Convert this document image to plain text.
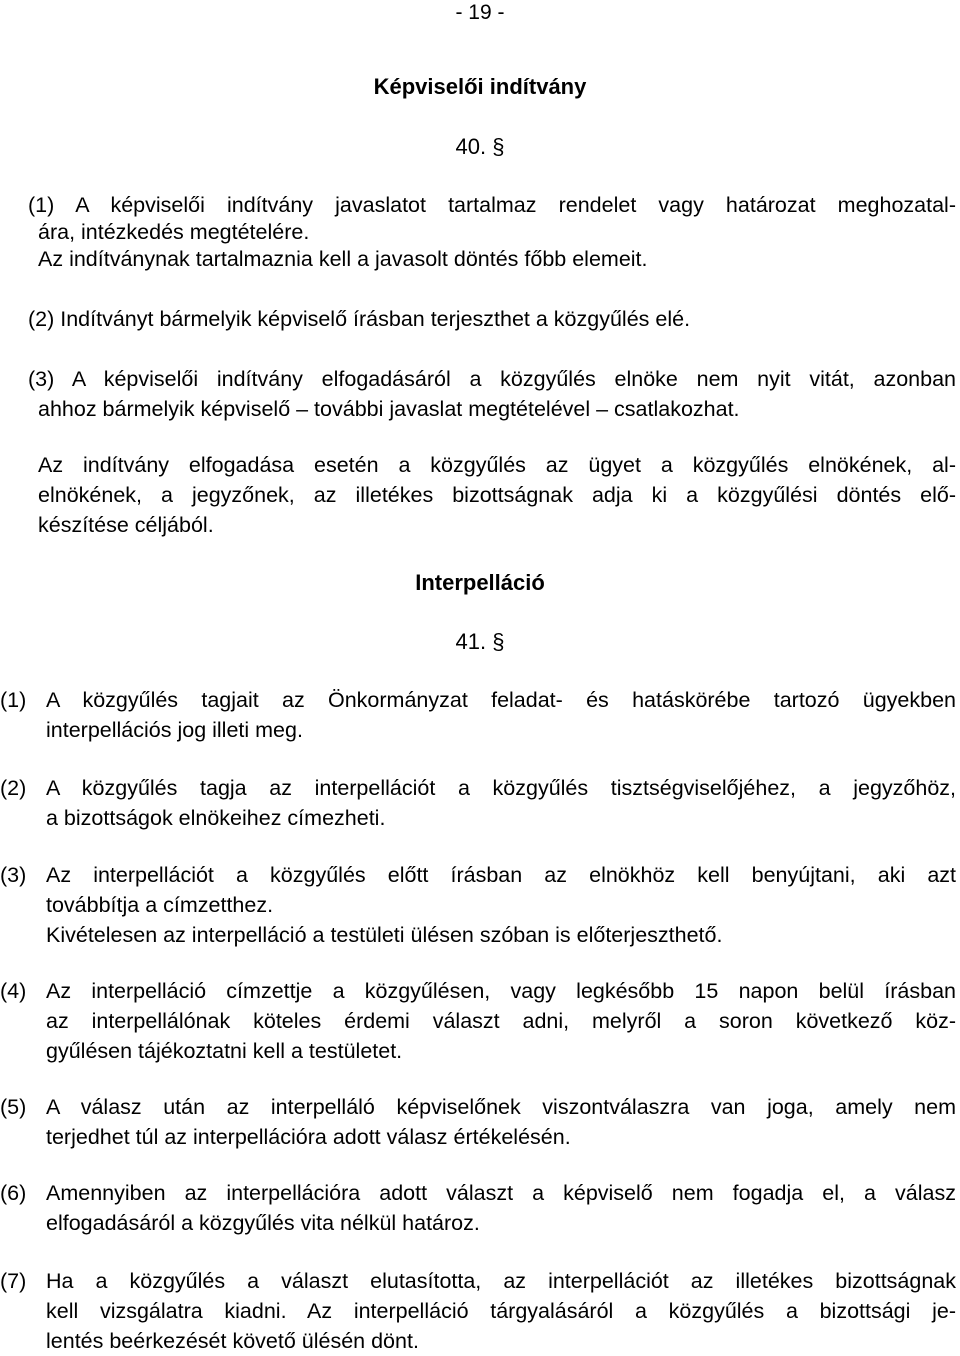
- 19 -
Képviselői indítvány
40. §
(1) A képviselői indítvány javaslatot tartalmaz rendelet vagy határozat meghozatal-
ára, intézkedés megtételére.
Az indítványnak tartalmaznia kell a javasolt döntés főbb elemeit.
(2) Indítványt bármelyik képviselő írásban terjeszthet a közgyűlés elé.
(3) A képviselői indítvány elfogadásáról a közgyűlés elnöke nem nyit vitát, azonban
ahhoz bármelyik képviselő – további javaslat megtételével – csatlakozhat.
Az indítvány elfogadása esetén a közgyűlés az ügyet a közgyűlés elnökének, al-
elnökének, a jegyzőnek, az illetékes bizottságnak adja ki a közgyűlési döntés elő-
készítése céljából.
Interpelláció
41. §
(1) A közgyűlés tagjait az Önkormányzat feladat- és hatáskörébe tartozó ügyekben
interpellációs jog illeti meg.
(2) A közgyűlés tagja az interpellációt a közgyűlés tisztségviselőjéhez, a jegyzőhöz,
a bizottságok elnökeihez címezheti.
(3) Az interpellációt a közgyűlés előtt írásban az elnökhöz kell benyújtani, aki azt
továbbítja a címzetthez.
Kivételesen az interpelláció a testületi ülésen szóban is előterjeszthető.
(4) Az interpelláció címzettje a közgyűlésen, vagy legkésőbb 15 napon belül írásban
az interpellálónak köteles érdemi választ adni, melyről a soron következő köz-
gyűlésen tájékoztatni kell a testületet.
(5) A válasz után az interpelláló képviselőnek viszontválaszra van joga, amely nem
terjedhet túl az interpellációra adott válasz értékelésén.
(6) Amennyiben az interpellációra adott választ a képviselő nem fogadja el, a válasz
elfogadásáról a közgyűlés vita nélkül határoz.
(7) Ha a közgyűlés a választ elutasította, az interpellációt az illetékes bizottságnak
kell vizsgálatra kiadni. Az interpelláció tárgyalásáról a közgyűlés a bizottsági je-
lentés beérkezését követő ülésén dönt.
